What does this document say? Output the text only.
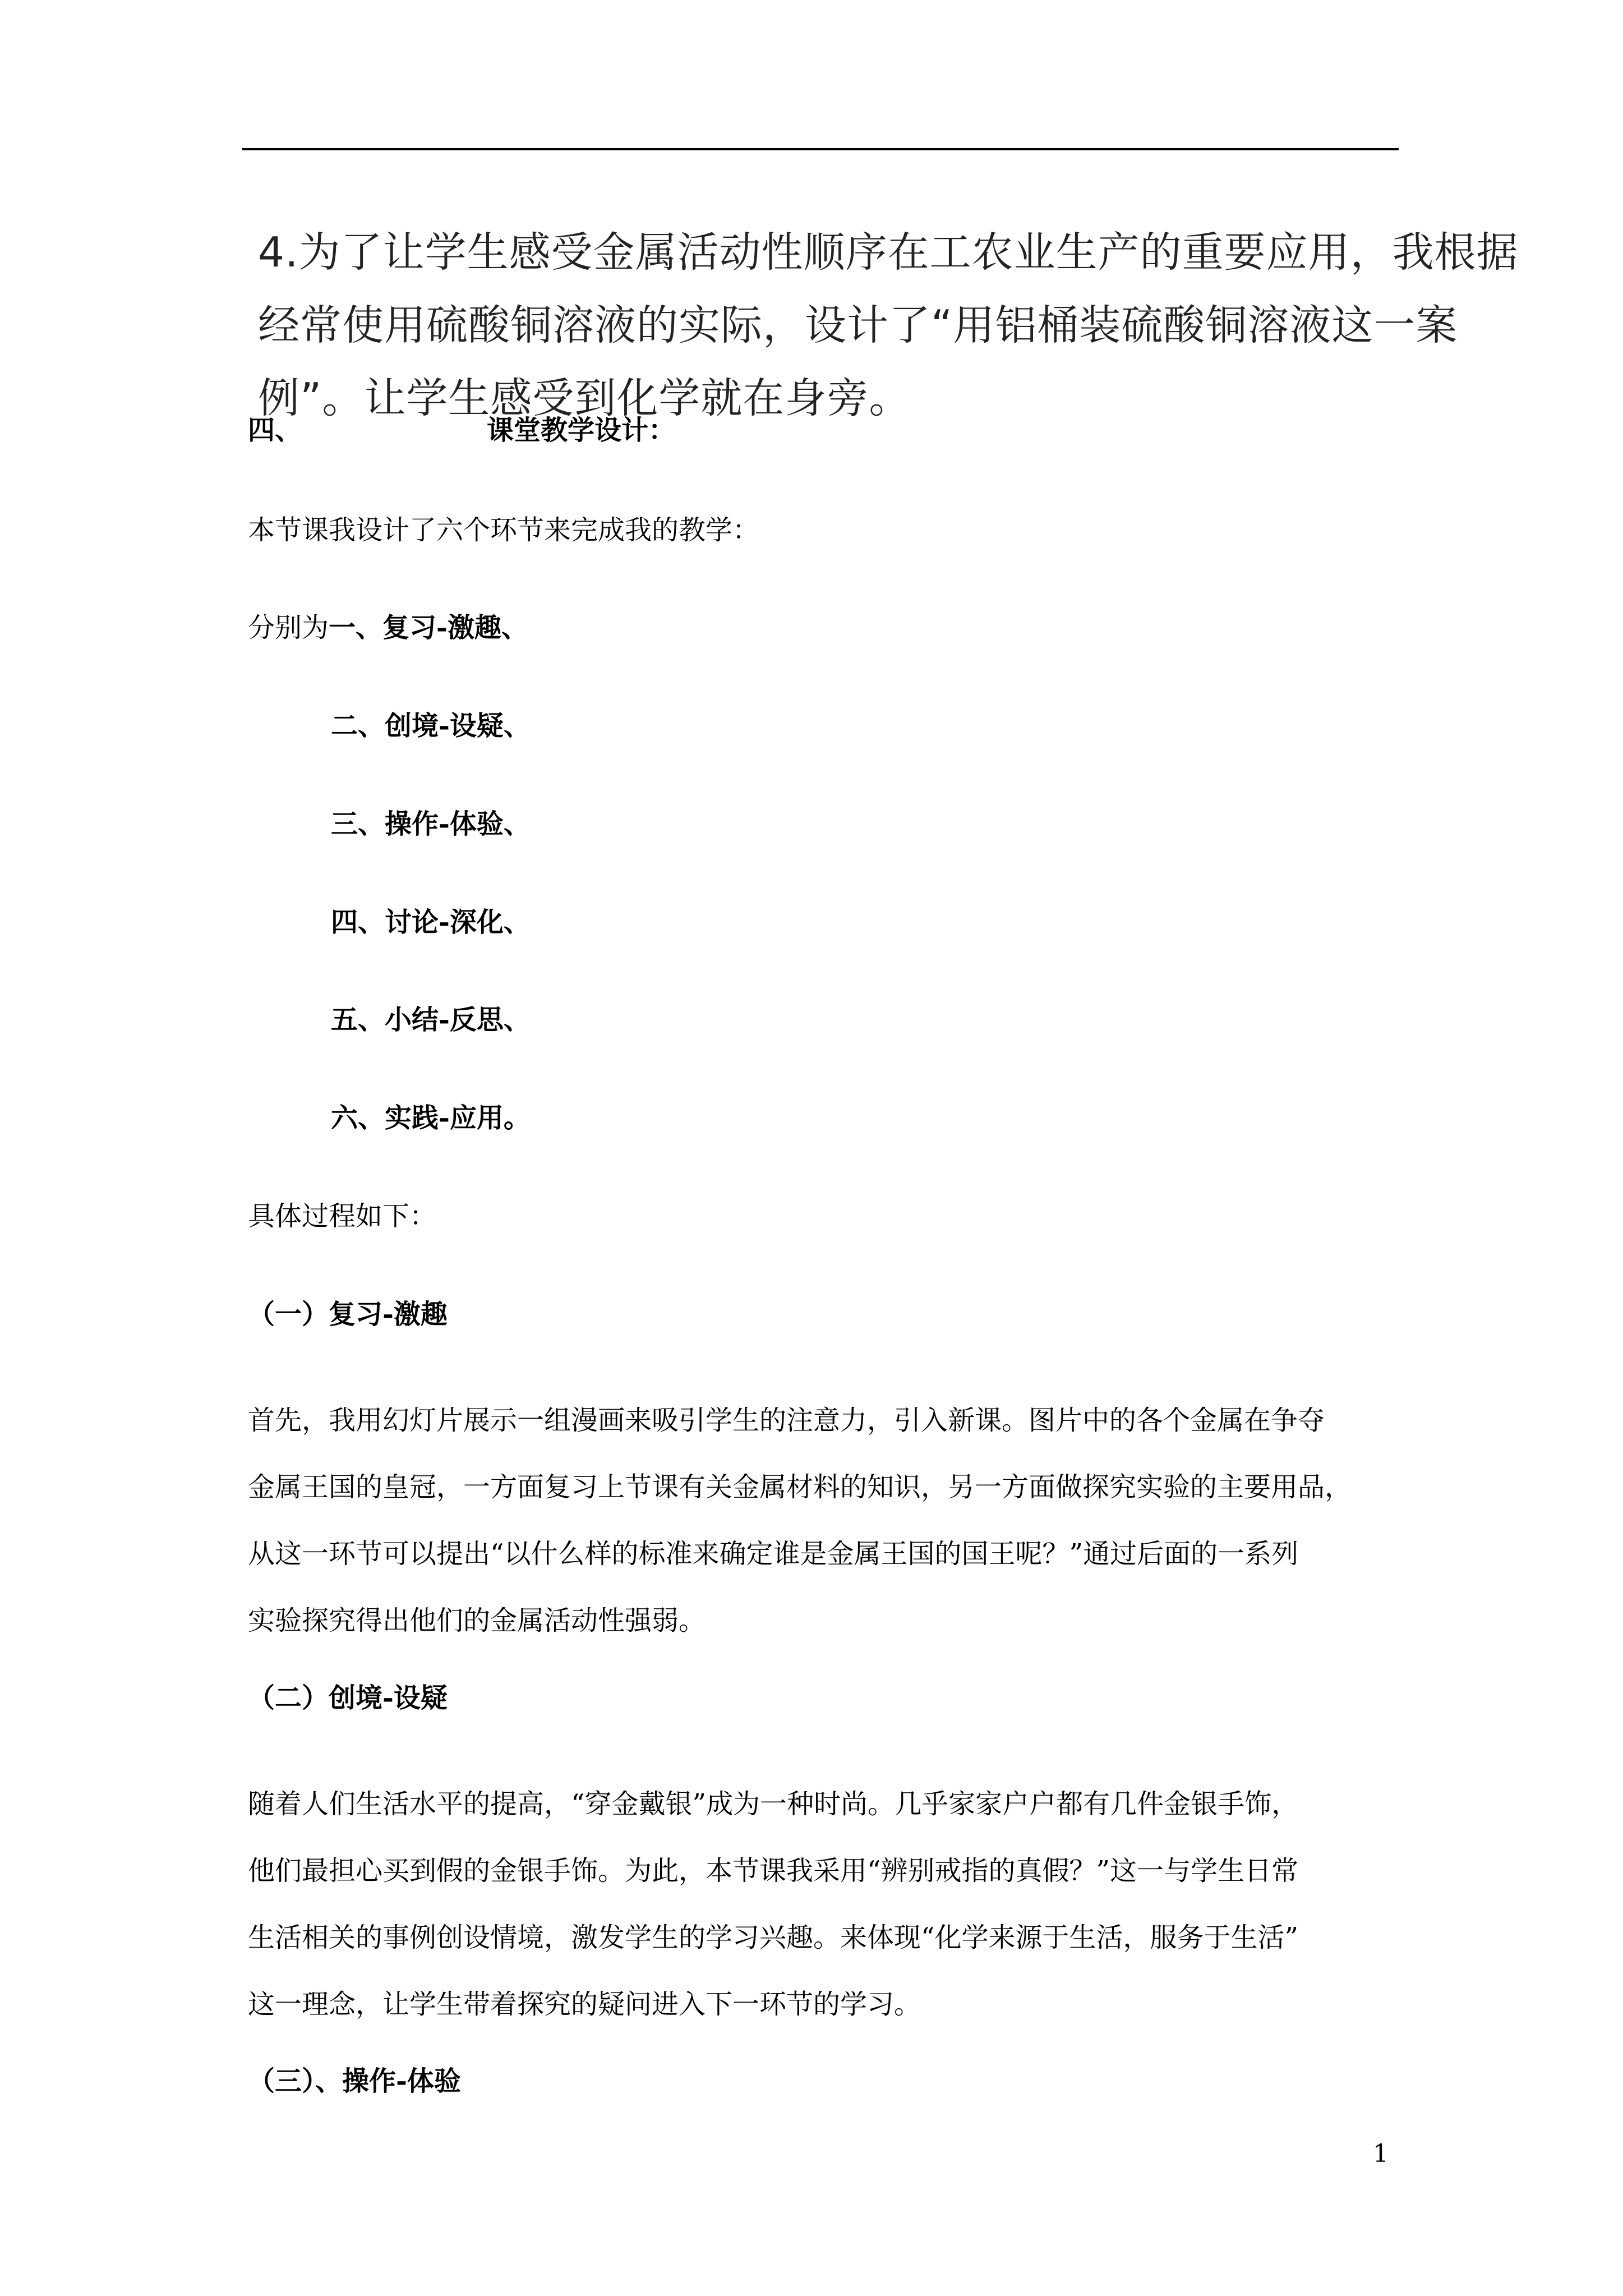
4.为了让学生感受金属活动性顺序在工农业生产的重要应用，我根据
经常使用硫酸铜溶液的实际，设计了“用铝桶装硫酸铜溶液这一案
例”。让学生感受到化学就在身旁。
四、	课堂教学设计：
本节课我设计了六个环节来完成我的教学：
分别为一、复习-激趣、
二、创境-设疑、
三、操作-体验、
四、讨论-深化、
五、小结-反思、
六、实践-应用。
具体过程如下：
（一）复习-激趣
首先，我用幻灯片展示一组漫画来吸引学生的注意力，引入新课。图片中的各个金属在争夺
金属王国的皇冠，一方面复习上节课有关金属材料的知识，另一方面做探究实验的主要用品，
从这一环节可以提出“以什么样的标准来确定谁是金属王国的国王呢？”通过后面的一系列
实验探究得出他们的金属活动性强弱。
（二）创境-设疑
随着人们生活水平的提高，“穿金戴银”成为一种时尚。几乎家家户户都有几件金银手饰，
他们最担心买到假的金银手饰。为此，本节课我采用“辨别戒指的真假？”这一与学生日常
生活相关的事例创设情境，激发学生的学习兴趣。来体现“化学来源于生活，服务于生活”
这一理念，让学生带着探究的疑问进入下一环节的学习。
（三）、操作-体验
1
